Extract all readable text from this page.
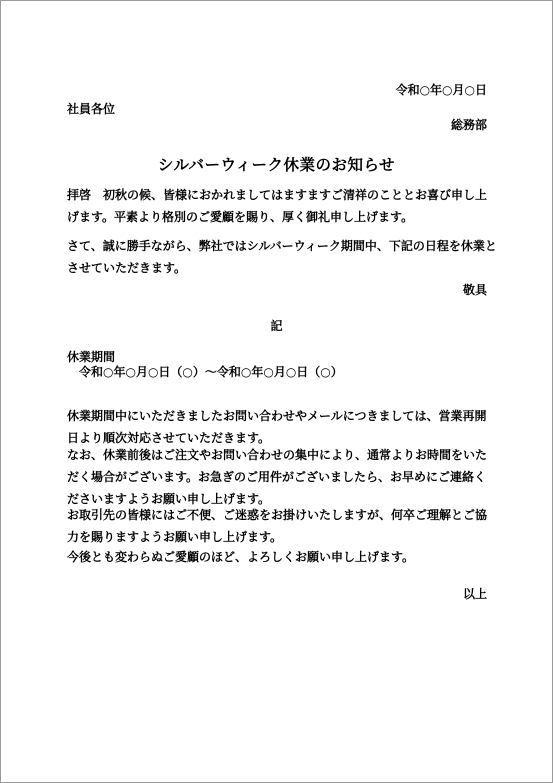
令和○年○月○日
社員各位
総務部
シルバーウィーク休業のお知らせ
拝啓　初秋の候、皆様におかれましてはますますご清祥のこととお喜び申し上げます。平素より格別のご愛顧を賜り、厚く御礼申し上げます。
さて、誠に勝手ながら、弊社ではシルバーウィーク期間中、下記の日程を休業とさせていただきます。
敬具
記
休業期間
令和○年○月○日（○）～令和○年○月○日（○）
休業期間中にいただきましたお問い合わせやメールにつきましては、営業再開日より順次対応させていただきます。
なお、休業前後はご注文やお問い合わせの集中により、通常よりお時間をいただく場合がございます。お急ぎのご用件がございましたら、お早めにご連絡くださいますようお願い申し上げます。
お取引先の皆様にはご不便、ご迷惑をお掛けいたしますが、何卒ご理解とご協力を賜りますようお願い申し上げます。
今後とも変わらぬご愛顧のほど、よろしくお願い申し上げます。
以上
